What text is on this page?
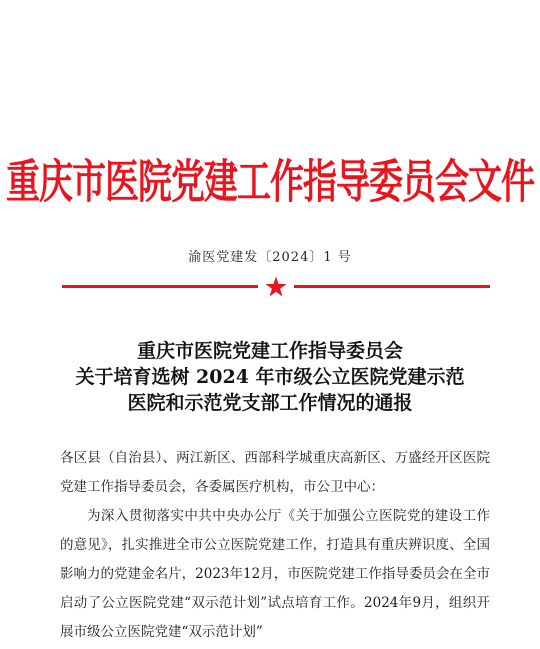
重庆市医院党建工作指导委员会文件
渝医党建发〔2024〕1 号
重庆市医院党建工作指导委员会
关于培育选树 2024 年市级公立医院党建示范
医院和示范党支部工作情况的通报

各区县（自治县）、两江新区、西部科学城重庆高新区、万盛经开区医院党建工作指导委员会，各委属医疗机构，市公卫中心：

为深入贯彻落实中共中央办公厅《关于加强公立医院党的建设工作的意见》，扎实推进全市公立医院党建工作，打造具有重庆辨识度、全国影响力的党建金名片，2023年12月，市医院党建工作指导委员会在全市启动了公立医院党建“双示范计划”试点培育工作。2024年9月，组织开展市级公立医院党建“双示范计划”
